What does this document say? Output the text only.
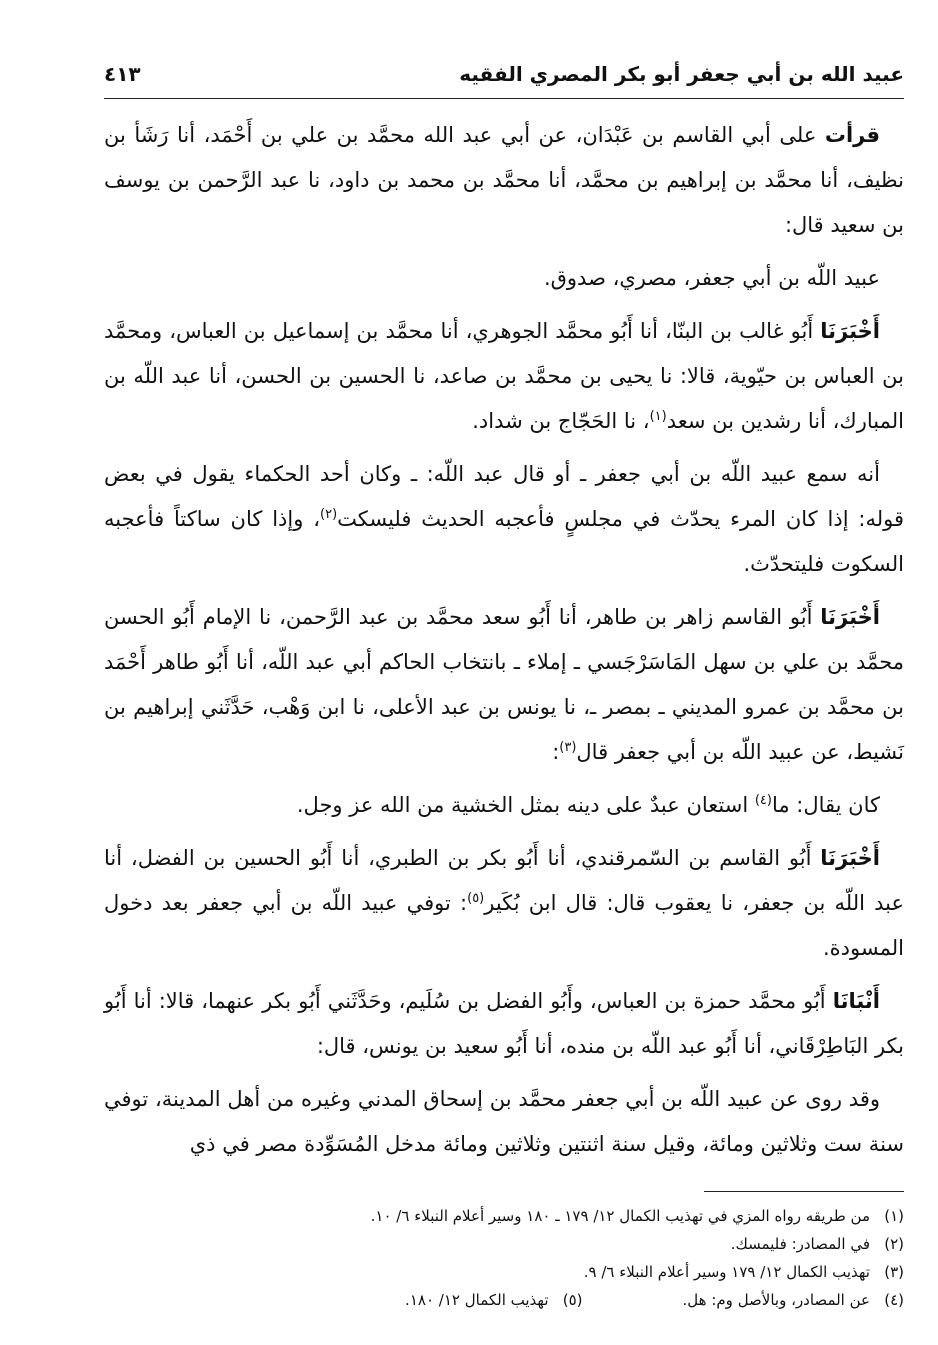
عبيد الله بن أبي جعفر أبو بكر المصري الفقيه
٤١٣

قرأت على أبي القاسم بن عَبْدَان، عن أبي عبد الله محمَّد بن علي بن أَحْمَد، أنا رَشَأ بن نظيف، أنا محمَّد بن إبراهيم بن محمَّد، أنا محمَّد بن محمد بن داود، نا عبد الرَّحمن بن يوسف بن سعيد قال:

عبيد اللّه بن أبي جعفر، مصري، صدوق.

أَخْبَرَنَا أَبُو غالب بن البنّا، أنا أَبُو محمَّد الجوهري، أنا محمَّد بن إسماعيل بن العباس، ومحمَّد بن العباس بن حيّوية، قالا: نا يحيى بن محمَّد بن صاعد، نا الحسين بن الحسن، أنا عبد اللّه بن المبارك، أنا رشدين بن سعد$^{(١)}$، نا الحَجّاج بن شداد.

أنه سمع عبيد اللّه بن أبي جعفر ـ أو قال عبد اللّه: ـ وكان أحد الحكماء يقول في بعض قوله: إذا كان المرء يحدّث في مجلسٍ فأعجبه الحديث فليسكت$^{(٢)}$، وإذا كان ساكتاً فأعجبه السكوت فليتحدّث.

أَخْبَرَنَا أَبُو القاسم زاهر بن طاهر، أنا أَبُو سعد محمَّد بن عبد الرَّحمن، نا الإمام أَبُو الحسن محمَّد بن علي بن سهل المَاسَرْجَسي ـ إملاء ـ بانتخاب الحاكم أبي عبد اللّه، أنا أَبُو طاهر أَحْمَد بن محمَّد بن عمرو المديني ـ بمصر ـ، نا يونس بن عبد الأعلى، نا ابن وَهْب، حَدَّثَني إبراهيم بن نَشيط، عن عبيد اللّه بن أبي جعفر قال$^{(٣)}$:

كان يقال: ما$^{(٤)}$ استعان عبدٌ على دينه بمثل الخشية من الله عز وجل.

أَخْبَرَنَا أَبُو القاسم بن السّمرقندي، أنا أَبُو بكر بن الطبري، أنا أَبُو الحسين بن الفضل، أنا عبد اللّه بن جعفر، نا يعقوب قال: قال ابن بُكَير$^{(٥)}$: توفي عبيد اللّه بن أبي جعفر بعد دخول المسودة.

أَنْبَانَا أَبُو محمَّد حمزة بن العباس، وأَبُو الفضل بن سُلَيم، وحَدَّثَني أَبُو بكر عنهما، قالا: أنا أَبُو بكر البَاطِرْقَاني، أنا أَبُو عبد اللّه بن منده، أنا أَبُو سعيد بن يونس، قال:

وقد روى عن عبيد اللّه بن أبي جعفر محمَّد بن إسحاق المدني وغيره من أهل المدينة، توفي سنة ست وثلاثين ومائة، وقيل سنة اثنتين وثلاثين ومائة مدخل المُسَوِّدة مصر في ذي

(١)
من طريقه رواه المزي في تهذيب الكمال ١٢/ ١٧٩ ـ ١٨٠ وسير أعلام النبلاء ٦/ ١٠.
(٢)
في المصادر: فليمسك.
(٣)
تهذيب الكمال ١٢/ ١٧٩ وسير أعلام النبلاء ٦/ ٩.
(٤)
عن المصادر، وبالأصل وم: هل.
(٥)
تهذيب الكمال ١٢/ ١٨٠.
